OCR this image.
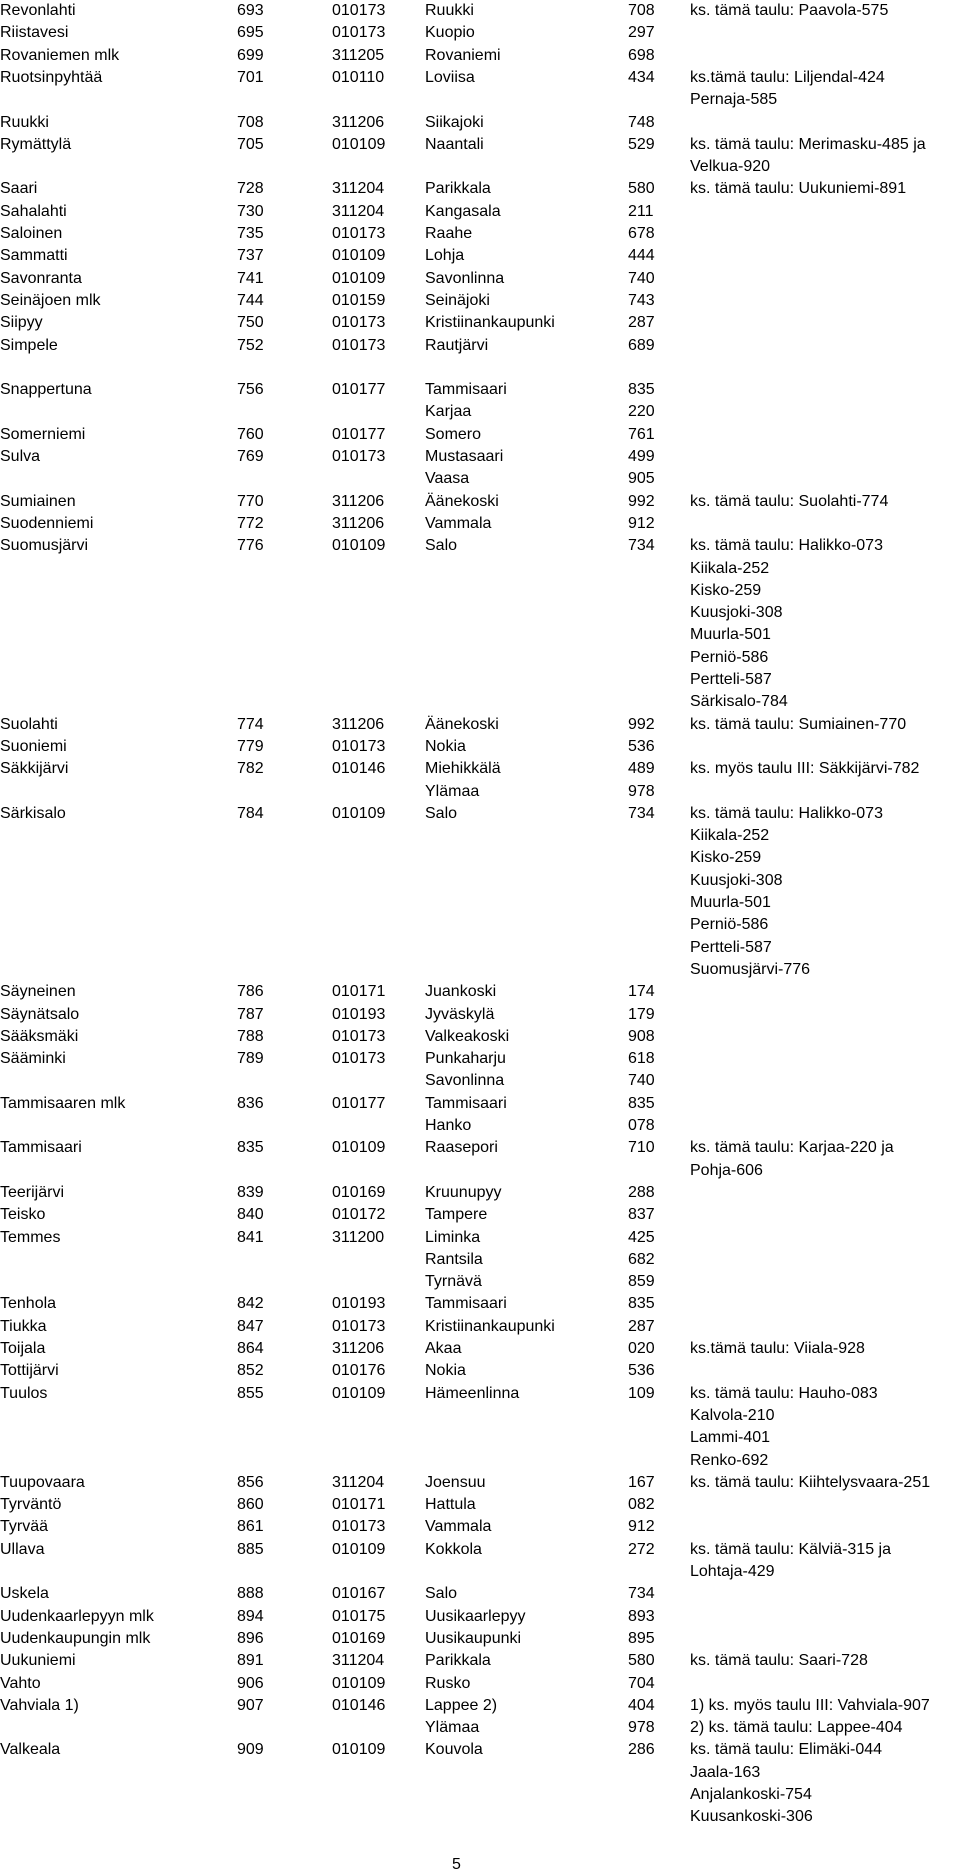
Revonlahti	693	010173 Ruukki	708 ks. tämä taulu: Paavola-575
Riistavesi	695	010173 Kuopio	297
Rovaniemen mlk	699	311205	Rovaniemi	698
Ruotsinpyhtää	701	010110	Loviisa	434 ks.tämä taulu: Liljendal-424
Pernaja-585
Ruukki	708	311206	Siikajoki	748
Rymättylä	705	010109 Naantali	529 ks. tämä taulu: Merimasku-485 ja
Velkua-920
Saari	728	311204	Parikkala	580 ks. tämä taulu: Uukuniemi-891
Sahalahti	730	311204	Kangasala	211
Saloinen	735	010173 Raahe	678
Sammatti	737	010109 Lohja	444
Savonranta	741	010109 Savonlinna	740
Seinäjoen mlk	744	010159 Seinäjoki	743
Siipyy	750	010173 Kristiinankaupunki	287
Simpele	752	010173 Rautjärvi	689
Snappertuna	756	010177 Tammisaari	835
Karjaa	220
Somerniemi	760	010177 Somero	761
Sulva	769	010173 Mustasaari	499
Vaasa	905
Sumiainen	770	311206	Äänekoski	992 ks. tämä taulu: Suolahti-774
Suodenniemi	772	311206	Vammala	912
Suomusjärvi	776	010109 Salo	734 ks. tämä taulu: Halikko-073
Kiikala-252
Kisko-259
Kuusjoki-308
Muurla-501
Perniö-586
Pertteli-587
Särkisalo-784
Suolahti	774	311206	Äänekoski	992 ks. tämä taulu: Sumiainen-770
Suoniemi	779	010173 Nokia	536
Säkkijärvi	782	010146 Miehikkälä	489 ks. myös taulu III: Säkkijärvi-782
Ylämaa	978
Särkisalo	784	010109 Salo	734 ks. tämä taulu: Halikko-073
Kiikala-252
Kisko-259
Kuusjoki-308
Muurla-501
Perniö-586
Pertteli-587
Suomusjärvi-776
Säyneinen	786	010171 Juankoski	174
Säynätsalo	787	010193 Jyväskylä	179
Sääksmäki	788	010173 Valkeakoski	908
Sääminki	789	010173 Punkaharju	618
Savonlinna	740
Tammisaaren mlk	836	010177 Tammisaari	835
Hanko	078
Tammisaari	835	010109 Raasepori	710 ks. tämä taulu: Karjaa-220 ja
Pohja-606
Teerijärvi	839	010169 Kruunupyy	288
Teisko	840	010172 Tampere	837
Temmes	841	311200	Liminka	425
Rantsila	682
Tyrnävä	859
Tenhola	842	010193 Tammisaari	835
Tiukka	847	010173 Kristiinankaupunki	287
Toijala	864	311206	Akaa	020 ks.tämä taulu: Viiala-928
Tottijärvi	852	010176 Nokia	536
Tuulos	855	010109 Hämeenlinna	109 ks. tämä taulu: Hauho-083
Kalvola-210
Lammi-401
Renko-692
Tuupovaara	856	311204	Joensuu	167 ks. tämä taulu: Kiihtelysvaara-251
Tyrväntö	860	010171 Hattula	082
Tyrvää	861	010173 Vammala	912
Ullava	885	010109 Kokkola	272 ks. tämä taulu: Kälviä-315 ja
Lohtaja-429
Uskela	888	010167 Salo	734
Uudenkaarlepyyn mlk	894	010175 Uusikaarlepyy	893
Uudenkaupungin mlk	896	010169 Uusikaupunki	895
Uukuniemi	891	311204	Parikkala	580 ks. tämä taulu: Saari-728
Vahto	906	010109 Rusko	704
Vahviala 1)	907	010146 Lappee 2)	404 1) ks. myös taulu III: Vahviala-907
Ylämaa	978 2) ks. tämä taulu: Lappee-404
Valkeala	909	010109 Kouvola	286 ks. tämä taulu: Elimäki-044
Jaala-163
Anjalankoski-754
Kuusankoski-306
5
